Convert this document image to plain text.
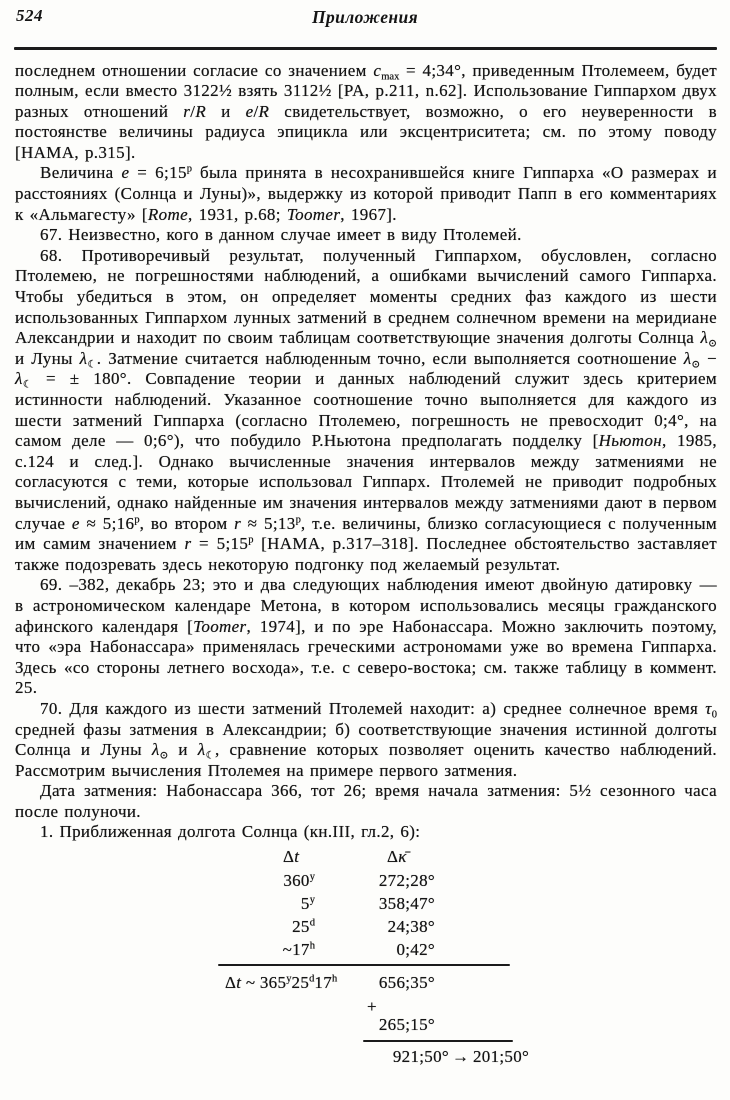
524	Приложения

последнем отношении согласие со значением $c_{max}$ = 4;34°, приведенным Птолемеем, будет полным, если вместо 3122½ взять 3112½ [PA, p.211, n.62]. Использование Гиппархом двух разных отношений r/R и e/R свидетельствует, возможно, о его неуверенности в постоянстве величины радиуса эпицикла или эксцентриситета; см. по этому поводу [HAMA, p.315].

Величина $e = 6;15^p$ была принята в несохранившейся книге Гиппарха «О размерах и расстояниях (Солнца и Луны)», выдержку из которой приводит Папп в его комментариях к «Альмагесту» [Rome, 1931, p.68; Toomer, 1967].

67. Неизвестно, кого в данном случае имеет в виду Птолемей.

68. Противоречивый результат, полученный Гиппархом, обусловлен, согласно Птолемею, не погрешностями наблюдений, а ошибками вычислений самого Гиппарха. Чтобы убедиться в этом, он определяет моменты средних фаз каждого из шести использованных Гиппархом лунных затмений в среднем солнечном времени на меридиане Александрии и находит по своим таблицам соответствующие значения долготы Солнца $\lambda_⊙$ и Луны $\lambda_☾$. Затмение считается наблюденным точно, если выполняется соотношение $\lambda_⊙ - \lambda_☾$ = ± 180°. Совпадение теории и данных наблюдений служит здесь критерием истинности наблюдений. Указанное соотношение точно выполняется для каждого из шести затмений Гиппарха (согласно Птолемею, погрешность не превосходит 0;4°, на самом деле — 0;6°), что побудило Р.Ньютона предполагать подделку [Ньютон, 1985, с.124 и след.]. Однако вычисленные значения интервалов между затмениями не согласуются с теми, которые использовал Гиппарх. Птолемей не приводит подробных вычислений, однако найденные им значения интервалов между затмениями дают в первом случае $e \approx 5;16^p$, во втором $r \approx 5;13^p$, т.е. величины, близко согласующиеся с полученным им самим значением $r = 5;15^p$ [HAMA, p.317–318]. Последнее обстоятельство заставляет также подозревать здесь некоторую подгонку под желаемый результат.

69. –382, декабрь 23; это и два следующих наблюдения имеют двойную датировку — в астрономическом календаре Метона, в котором использовались месяцы гражданского афинского календаря [Toomer, 1974], и по эре Набонассара. Можно заключить поэтому, что «эра Набонассара» применялась греческими астрономами уже во времена Гиппарха. Здесь «со стороны летнего восхода», т.е. с северо-востока; см. также таблицу в коммент. 25.

70. Для каждого из шести затмений Птолемей находит: а) среднее солнечное время $\tau_0$ средней фазы затмения в Александрии; б) соответствующие значения истинной долготы Солнца и Луны $\lambda_⊙$ и $\lambda_☾$, сравнение которых позволяет оценить качество наблюдений. Рассмотрим вычисления Птолемея на примере первого затмения.

Дата затмения: Набонассара 366, тот 26; время начала затмения: 5½ сезонного часа после полуночи.

1. Приближенная долгота Солнца (кн.III, гл.2, 6):

Δt	Δκ̄
360$^y$	272;28°
5$^y$	358;47°
25$^d$	24;38°
~17$^h$	0;42°
Δt ~ 365$^y$25$^d$17$^h$ 656;35°
+
265;15°
921;50° → 201;50°
